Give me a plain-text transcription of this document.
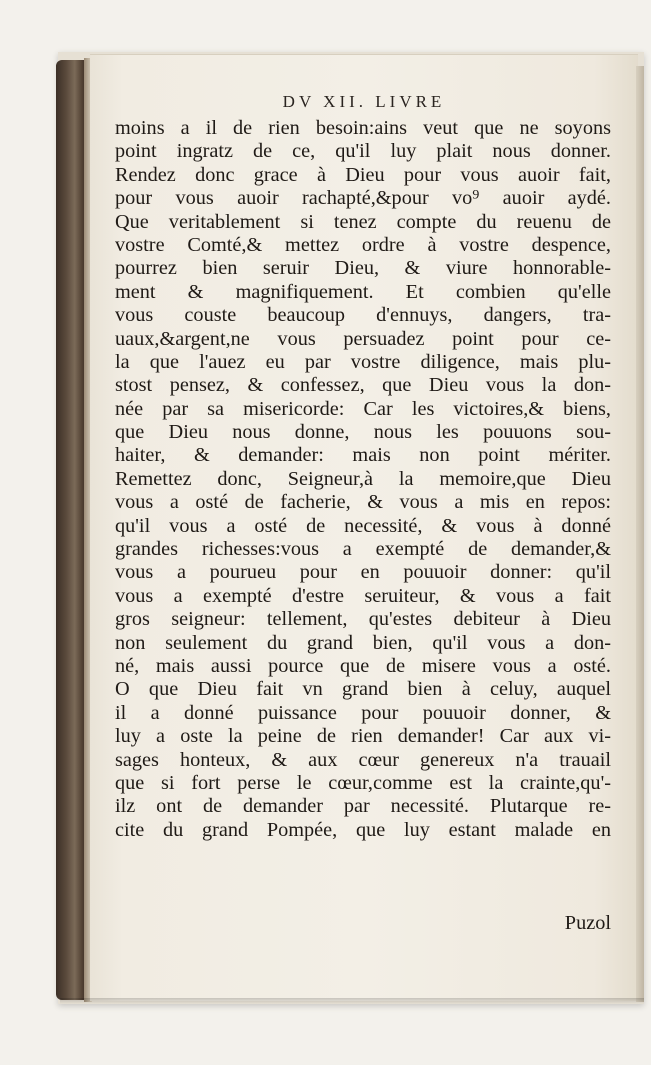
DV XII. LIVRE
moins a il de rien besoin:ains veut que ne soyons
point ingratz de ce, qu'il luy plait nous donner.
Rendez donc grace à Dieu pour vous auoir fait,
pour vous auoir rachapté,&pour vo⁹ auoir aydé.
Que veritablement si tenez compte du reuenu de
vostre Comté,& mettez ordre à vostre despence,
pourrez bien seruir Dieu, & viure honnorable-
ment & magnifiquement. Et combien qu'elle
vous couste beaucoup d'ennuys, dangers, tra-
uaux,&argent,ne vous persuadez point pour ce-
la que l'auez eu par vostre diligence, mais plu-
stost pensez, & confessez, que Dieu vous la don-
née par sa misericorde: Car les victoires,& biens,
que Dieu nous donne, nous les pouuons sou-
haiter, & demander: mais non point mériter.
Remettez donc, Seigneur,à la memoire,que Dieu
vous a osté de facherie, & vous a mis en repos:
qu'il vous a osté de necessité, & vous à donné
grandes richesses:vous a exempté de demander,&
vous a pourueu pour en pouuoir donner: qu'il
vous a exempté d'estre seruiteur, & vous a fait
gros seigneur: tellement, qu'estes debiteur à Dieu
non seulement du grand bien, qu'il vous a don-
né, mais aussi pource que de misere vous a osté.
O que Dieu fait vn grand bien à celuy, auquel
il a donné puissance pour pouuoir donner, &
luy a oste la peine de rien demander! Car aux vi-
sages honteux, & aux cœur genereux n'a trauail
que si fort perse le cœur,comme est la crainte,qu'-
ilz ont de demander par necessité. Plutarque re-
cite du grand Pompée, que luy estant malade en
Puzol
